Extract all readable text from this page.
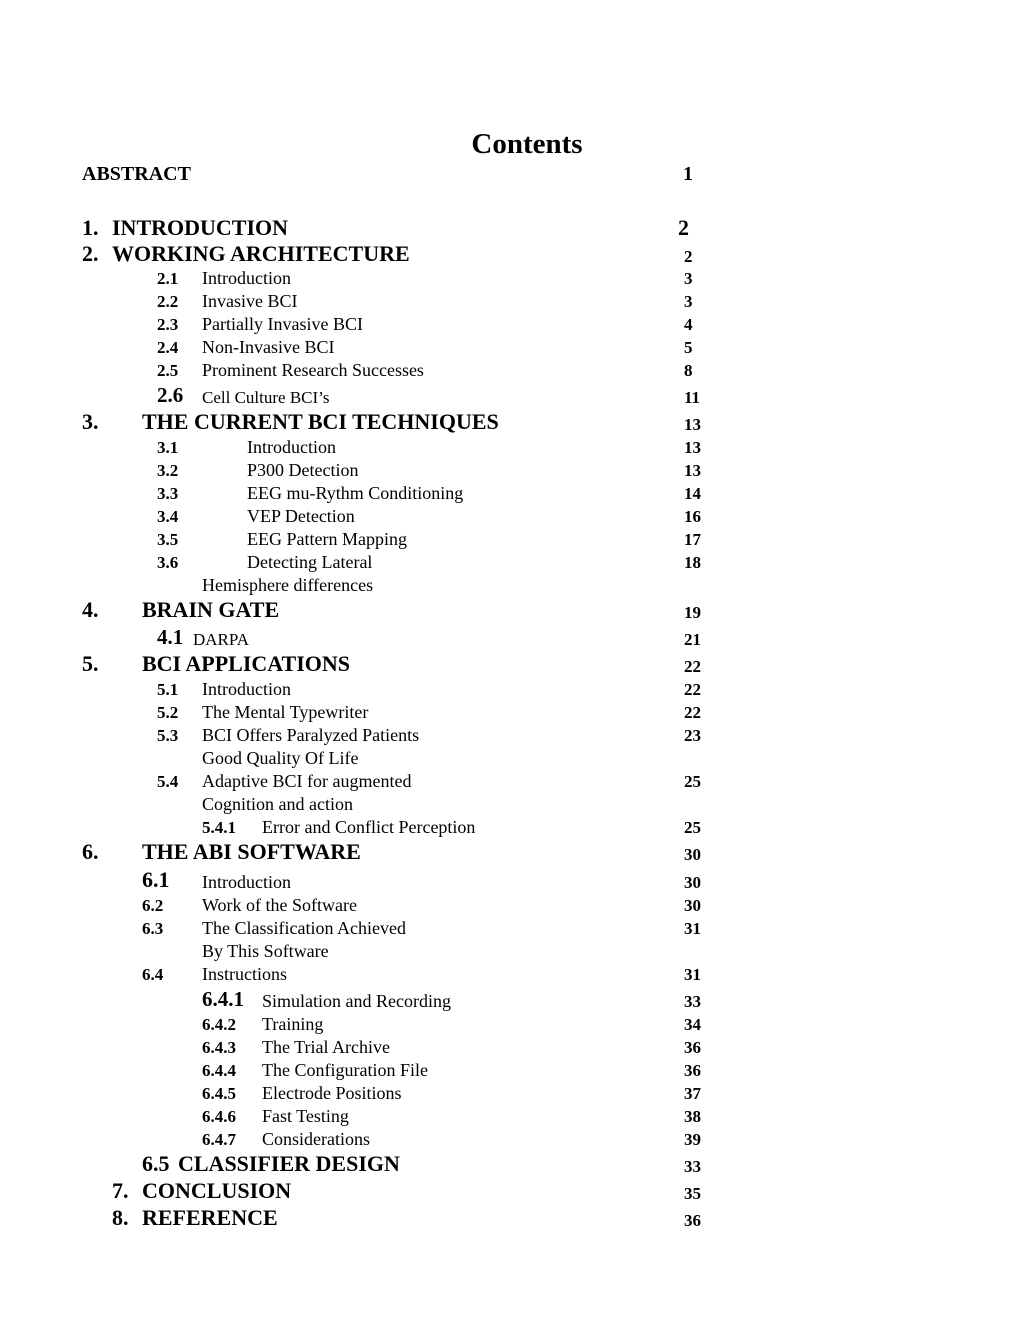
Contents
ABSTRACT	1
1. INTRODUCTION	2
2. WORKING ARCHITECTURE	2
2.1 Introduction	3
2.2 Invasive BCI	3
2.3 Partially Invasive BCI	4
2.4 Non-Invasive BCI	5
2.5 Prominent Research Successes	8
2.6 Cell Culture BCI’s	11
3. THE CURRENT BCI TECHNIQUES	13
3.1	Introduction	13
3.2	P300 Detection	13
3.3	EEG mu-Rythm Conditioning	14
3.4	VEP Detection	16
3.5	EEG Pattern Mapping	17
3.6	Detecting Lateral	18
Hemisphere differences
4. BRAIN GATE	19
4.1 DARPA	21
5. BCI APPLICATIONS	22
5.1 Introduction	22
5.2 The Mental Typewriter	22
5.3 BCI Offers Paralyzed Patients	23
Good Quality Of Life
5.4 Adaptive BCI for augmented	25
Cognition and action
5.4.1 Error and Conflict Perception	25
6. THE ABI SOFTWARE	30
6.1 Introduction	30
6.2 Work of the Software	30
6.3 The Classification Achieved	31
By This Software
6.4 Instructions	31
6.4.1 Simulation and Recording	33
6.4.2 Training	34
6.4.3 The Trial Archive	36
6.4.4 The Configuration File	36
6.4.5 Electrode Positions	37
6.4.6 Fast Testing	38
6.4.7 Considerations	39
6.5 CLASSIFIER DESIGN	33
7. CONCLUSION	35
8. REFERENCE	36
